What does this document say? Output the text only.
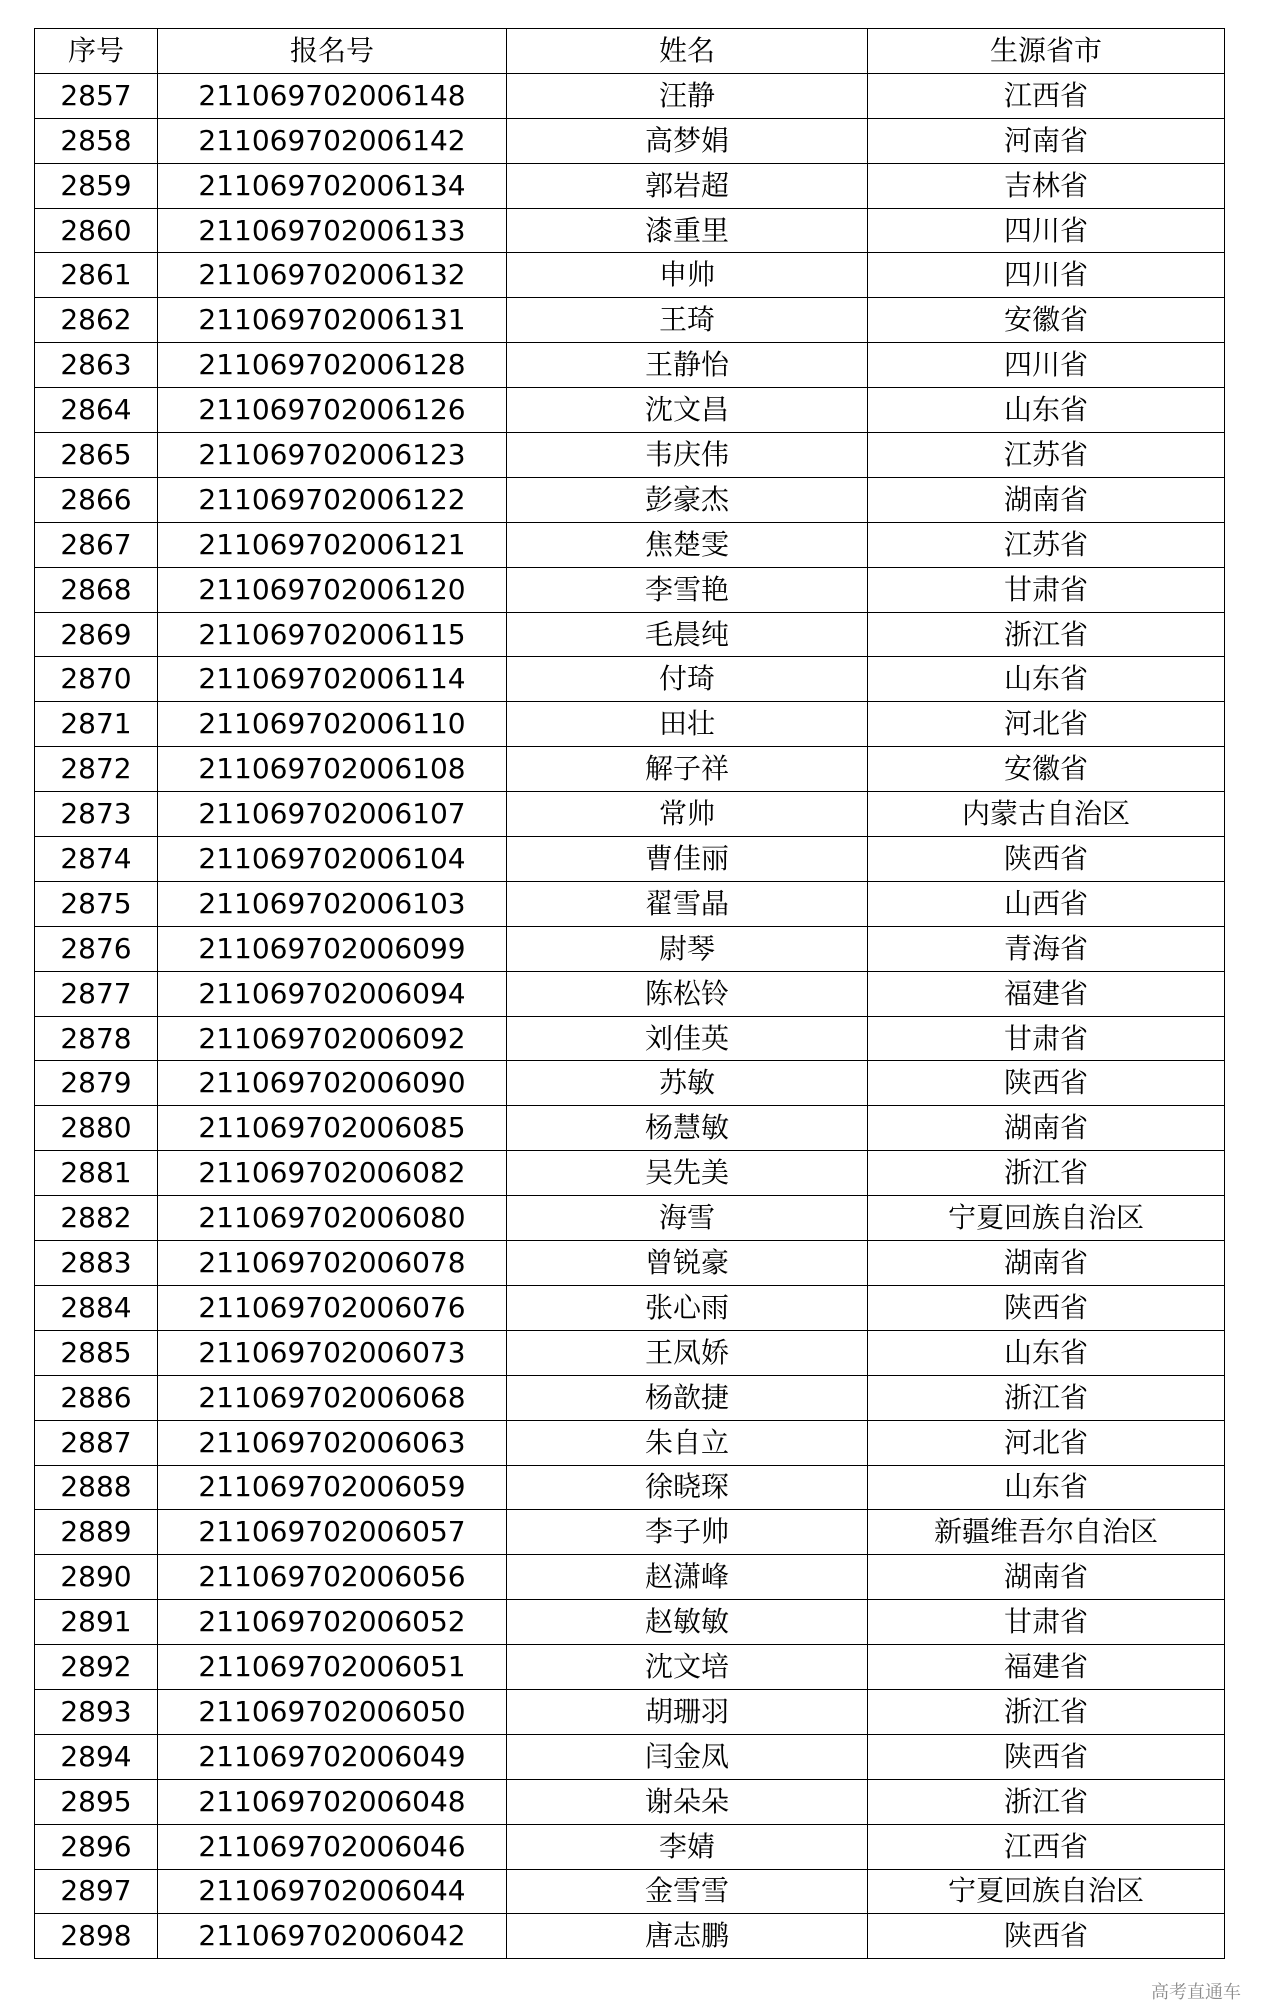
序号	报名号	姓名	生源省市
2857	211069702006148	汪静	江西省
2858	211069702006142	高梦娟	河南省
2859	211069702006134	郭岩超	吉林省
2860	211069702006133	漆重里	四川省
2861	211069702006132	申帅	四川省
2862	211069702006131	王琦	安徽省
2863	211069702006128	王静怡	四川省
2864	211069702006126	沈文昌	山东省
2865	211069702006123	韦庆伟	江苏省
2866	211069702006122	彭豪杰	湖南省
2867	211069702006121	焦楚雯	江苏省
2868	211069702006120	李雪艳	甘肃省
2869	211069702006115	毛晨纯	浙江省
2870	211069702006114	付琦	山东省
2871	211069702006110	田壮	河北省
2872	211069702006108	解子祥	安徽省
2873	211069702006107	常帅	内蒙古自治区
2874	211069702006104	曹佳丽	陕西省
2875	211069702006103	翟雪晶	山西省
2876	211069702006099	尉琴	青海省
2877	211069702006094	陈松铃	福建省
2878	211069702006092	刘佳英	甘肃省
2879	211069702006090	苏敏	陕西省
2880	211069702006085	杨慧敏	湖南省
2881	211069702006082	吴先美	浙江省
2882	211069702006080	海雪	宁夏回族自治区
2883	211069702006078	曾锐豪	湖南省
2884	211069702006076	张心雨	陕西省
2885	211069702006073	王凤娇	山东省
2886	211069702006068	杨歆捷	浙江省
2887	211069702006063	朱自立	河北省
2888	211069702006059	徐晓琛	山东省
2889	211069702006057	李子帅	新疆维吾尔自治区
2890	211069702006056	赵潇峰	湖南省
2891	211069702006052	赵敏敏	甘肃省
2892	211069702006051	沈文培	福建省
2893	211069702006050	胡珊羽	浙江省
2894	211069702006049	闫金凤	陕西省
2895	211069702006048	谢朵朵	浙江省
2896	211069702006046	李婧	江西省
2897	211069702006044	金雪雪	宁夏回族自治区
2898	211069702006042	唐志鹏	陕西省
高考直通车
